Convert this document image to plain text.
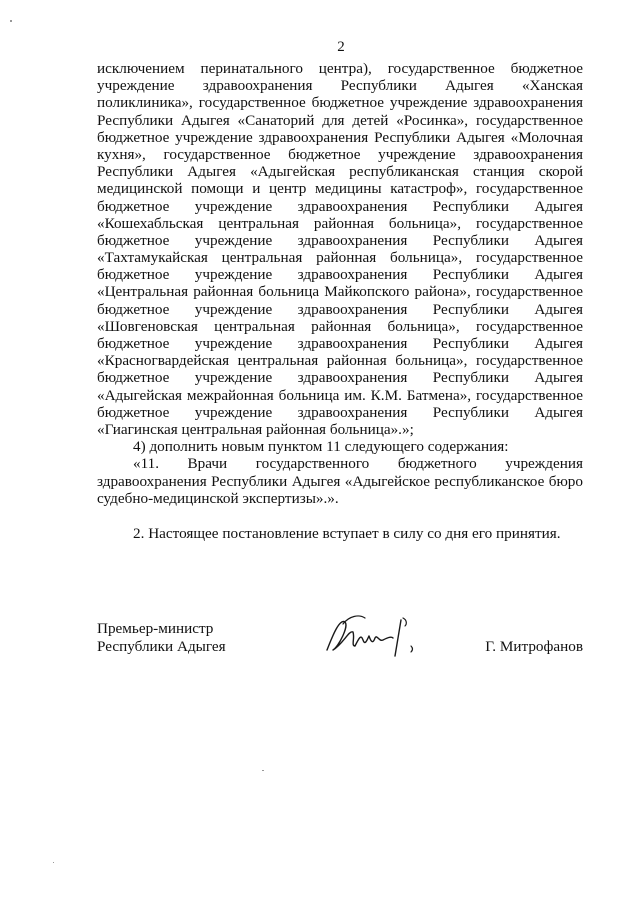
2
исключением перинатального центра), государственное бюджетное
учреждение здравоохранения Республики Адыгея «Ханская
поликлиника», государственное бюджетное учреждение здравоохранения
Республики Адыгея «Санаторий для детей «Росинка», государственное
бюджетное учреждение здравоохранения Республики Адыгея «Молочная
кухня», государственное бюджетное учреждение здравоохранения
Республики Адыгея «Адыгейская республиканская станция скорой
медицинской помощи и центр медицины катастроф», государственное
бюджетное учреждение здравоохранения Республики Адыгея
«Кошехабльская центральная районная больница», государственное
бюджетное учреждение здравоохранения Республики Адыгея
«Тахтамукайская центральная районная больница», государственное
бюджетное учреждение здравоохранения Республики Адыгея
«Центральная районная больница Майкопского района», государственное
бюджетное учреждение здравоохранения Республики Адыгея
«Шовгеновская центральная районная больница», государственное
бюджетное учреждение здравоохранения Республики Адыгея
«Красногвардейская центральная районная больница», государственное
бюджетное учреждение здравоохранения Республики Адыгея
«Адыгейская межрайонная больница им. К.М. Батмена», государственное
бюджетное учреждение здравоохранения Республики Адыгея
«Гиагинская центральная районная больница».»;
4) дополнить новым пунктом 11 следующего содержания:
«11. Врачи государственного бюджетного учреждения
здравоохранения Республики Адыгея «Адыгейское республиканское бюро
судебно-медицинской экспертизы».».
2. Настоящее постановление вступает в силу со дня его принятия.
Премьер-министр
Республики Адыгея	Г. Митрофанов
